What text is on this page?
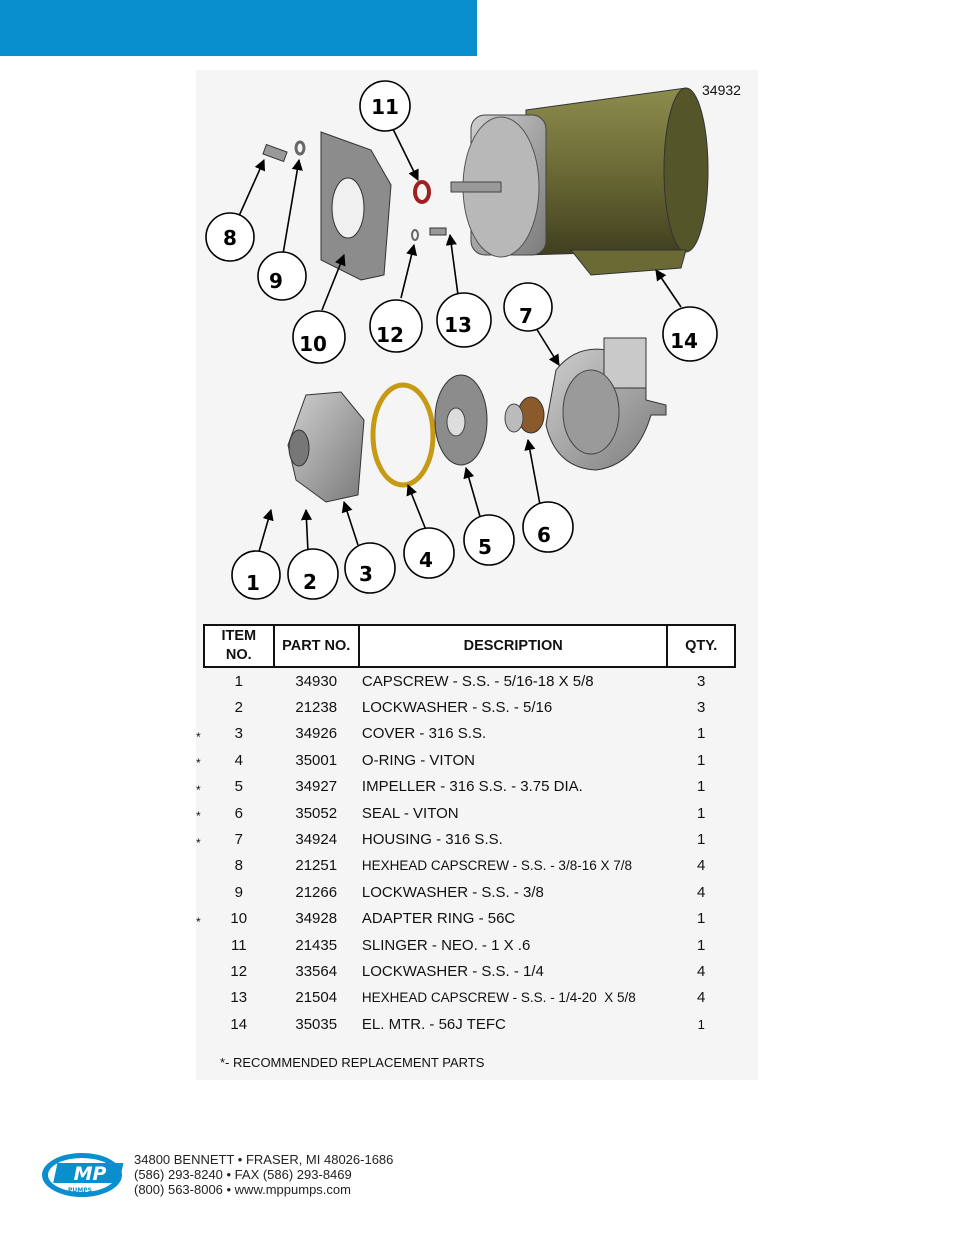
11
8
9
10 12 13 7
14
5 6
4
3
2
1
34932
ITEM NO.	PART NO.	DESCRIPTION	QTY.
1	34930	CAPSCREW - S.S. - 5/16-18 X 5/8	3
2	21238	LOCKWASHER - S.S. - 5/16	3
3	34926	COVER - 316 S.S.	1
4	35001	O-RING - VITON	1
5	34927	IMPELLER - 316 S.S. - 3.75 DIA.	1
6	35052	SEAL - VITON	1
7	34924	HOUSING - 316 S.S.	1
8	21251	HEXHEAD CAPSCREW - S.S. - 3/8-16 X 7/8	4
9	21266	LOCKWASHER - S.S. - 3/8	4
10	34928	ADAPTER RING - 56C	1
11	21435	SLINGER - NEO. - 1 X .6	1
12	33564	LOCKWASHER - S.S. - 1/4	4
13	21504	HEXHEAD CAPSCREW - S.S. - 1/4-20  X 5/8	4
14	35035	EL. MTR. - 56J TEFC	1
*
*
*
*
*
*
*- RECOMMENDED REPLACEMENT PARTS
MP
PUMPS
34800 BENNETT • FRASER, MI 48026-1686
(586) 293-8240 • FAX (586) 293-8469
(800) 563-8006 • www.mppumps.com
